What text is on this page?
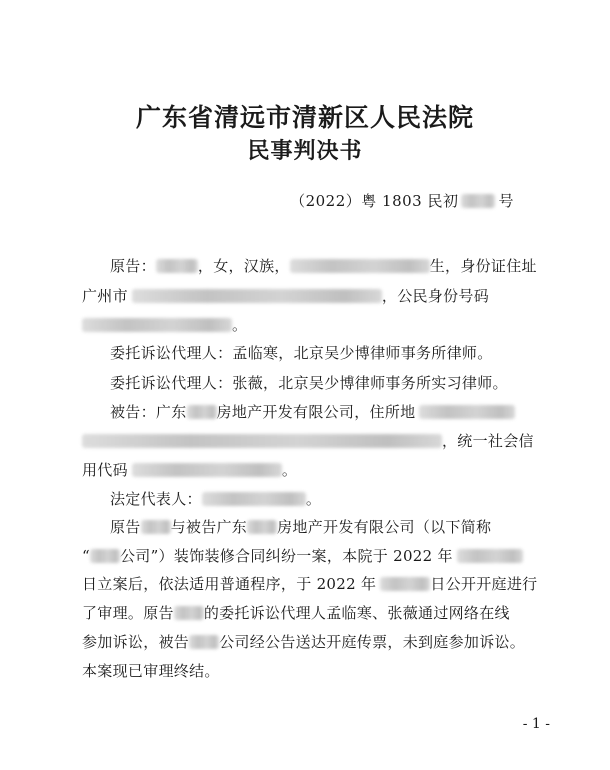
广东省清远市清新区人民法院
民事判决书
（2022）粤 1803 民初	号
原告：	，女，汉族，	生，身份证住址
广州市	，公民身份号码
。
委托诉讼代理人：孟临寒，北京吴少博律师事务所律师。
委托诉讼代理人：张薇，北京吴少博律师事务所实习律师。
被告：广东 房地产开发有限公司，住所地
，统一社会信
用代码	。
法定代表人：	。
原告 与被告广东 房地产开发有限公司（以下简称
“ 公司”）装饰装修合同纠纷一案，本院于 2022 年
日立案后，依法适用普通程序，于 2022 年	日公开开庭进行
了审理。原告 的委托诉讼代理人孟临寒、张薇通过网络在线
参加诉讼，被告 公司经公告送达开庭传票，未到庭参加诉讼。
本案现已审理终结。
- 1 -
